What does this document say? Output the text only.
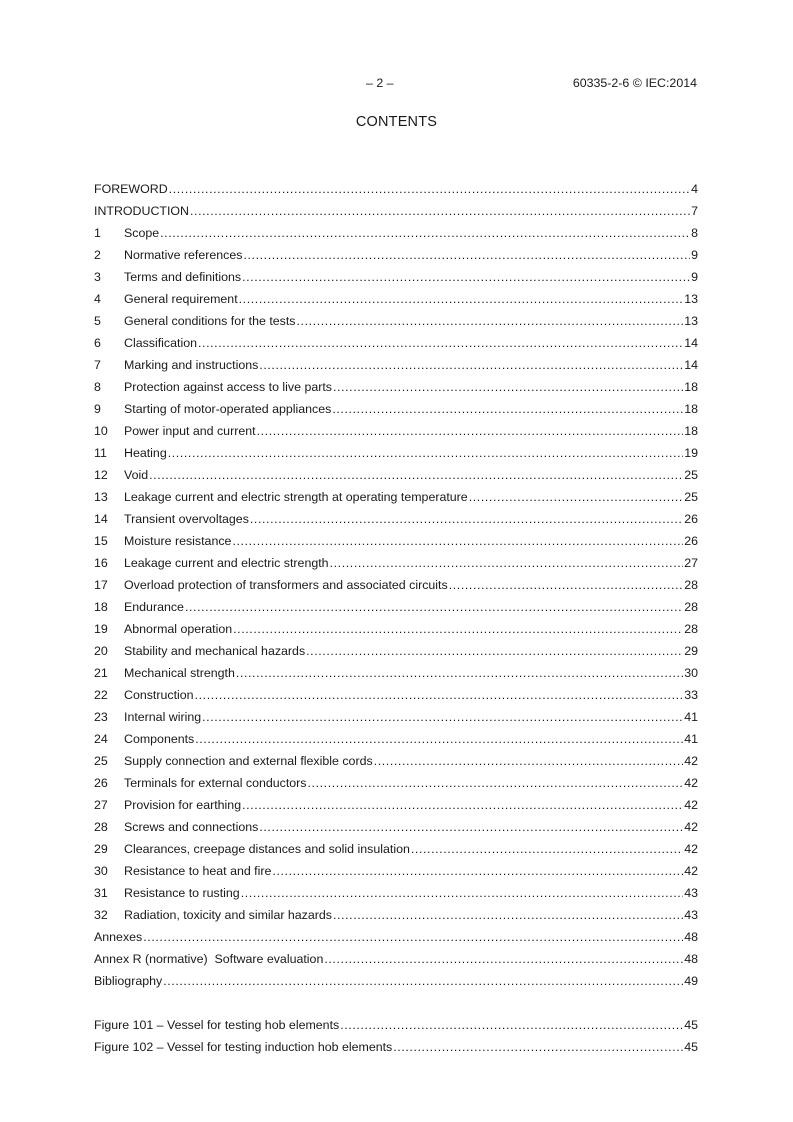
– 2 –	60335-2-6 © IEC:2014
CONTENTS
FOREWORD .....	4
INTRODUCTION .....	7
1	Scope .....	8
2	Normative references .....	9
3	Terms and definitions .....	9
4	General requirement .....	13
5	General conditions for the tests .....	13
6	Classification .....	14
7	Marking and instructions .....	14
8	Protection against access to live parts .....	18
9	Starting of motor-operated appliances .....	18
10	Power input and current .....	18
11	Heating .....	19
12	Void .....	25
13	Leakage current and electric strength at operating temperature .....	25
14	Transient overvoltages .....	26
15	Moisture resistance .....	26
16	Leakage current and electric strength .....	27
17	Overload protection of transformers and associated circuits .....	28
18	Endurance .....	28
19	Abnormal operation .....	28
20	Stability and mechanical hazards .....	29
21	Mechanical strength .....	30
22	Construction .....	33
23	Internal wiring .....	41
24	Components .....	41
25	Supply connection and external flexible cords .....	42
26	Terminals for external conductors .....	42
27	Provision for earthing .....	42
28	Screws and connections .....	42
29	Clearances, creepage distances and solid insulation .....	42
30	Resistance to heat and fire .....	42
31	Resistance to rusting .....	43
32	Radiation, toxicity and similar hazards .....	43
Annexes .....	48
Annex R (normative)  Software evaluation .....	48
Bibliography .....	49
Figure 101 – Vessel for testing hob elements .....	45
Figure 102 – Vessel for testing induction hob elements .....	45
